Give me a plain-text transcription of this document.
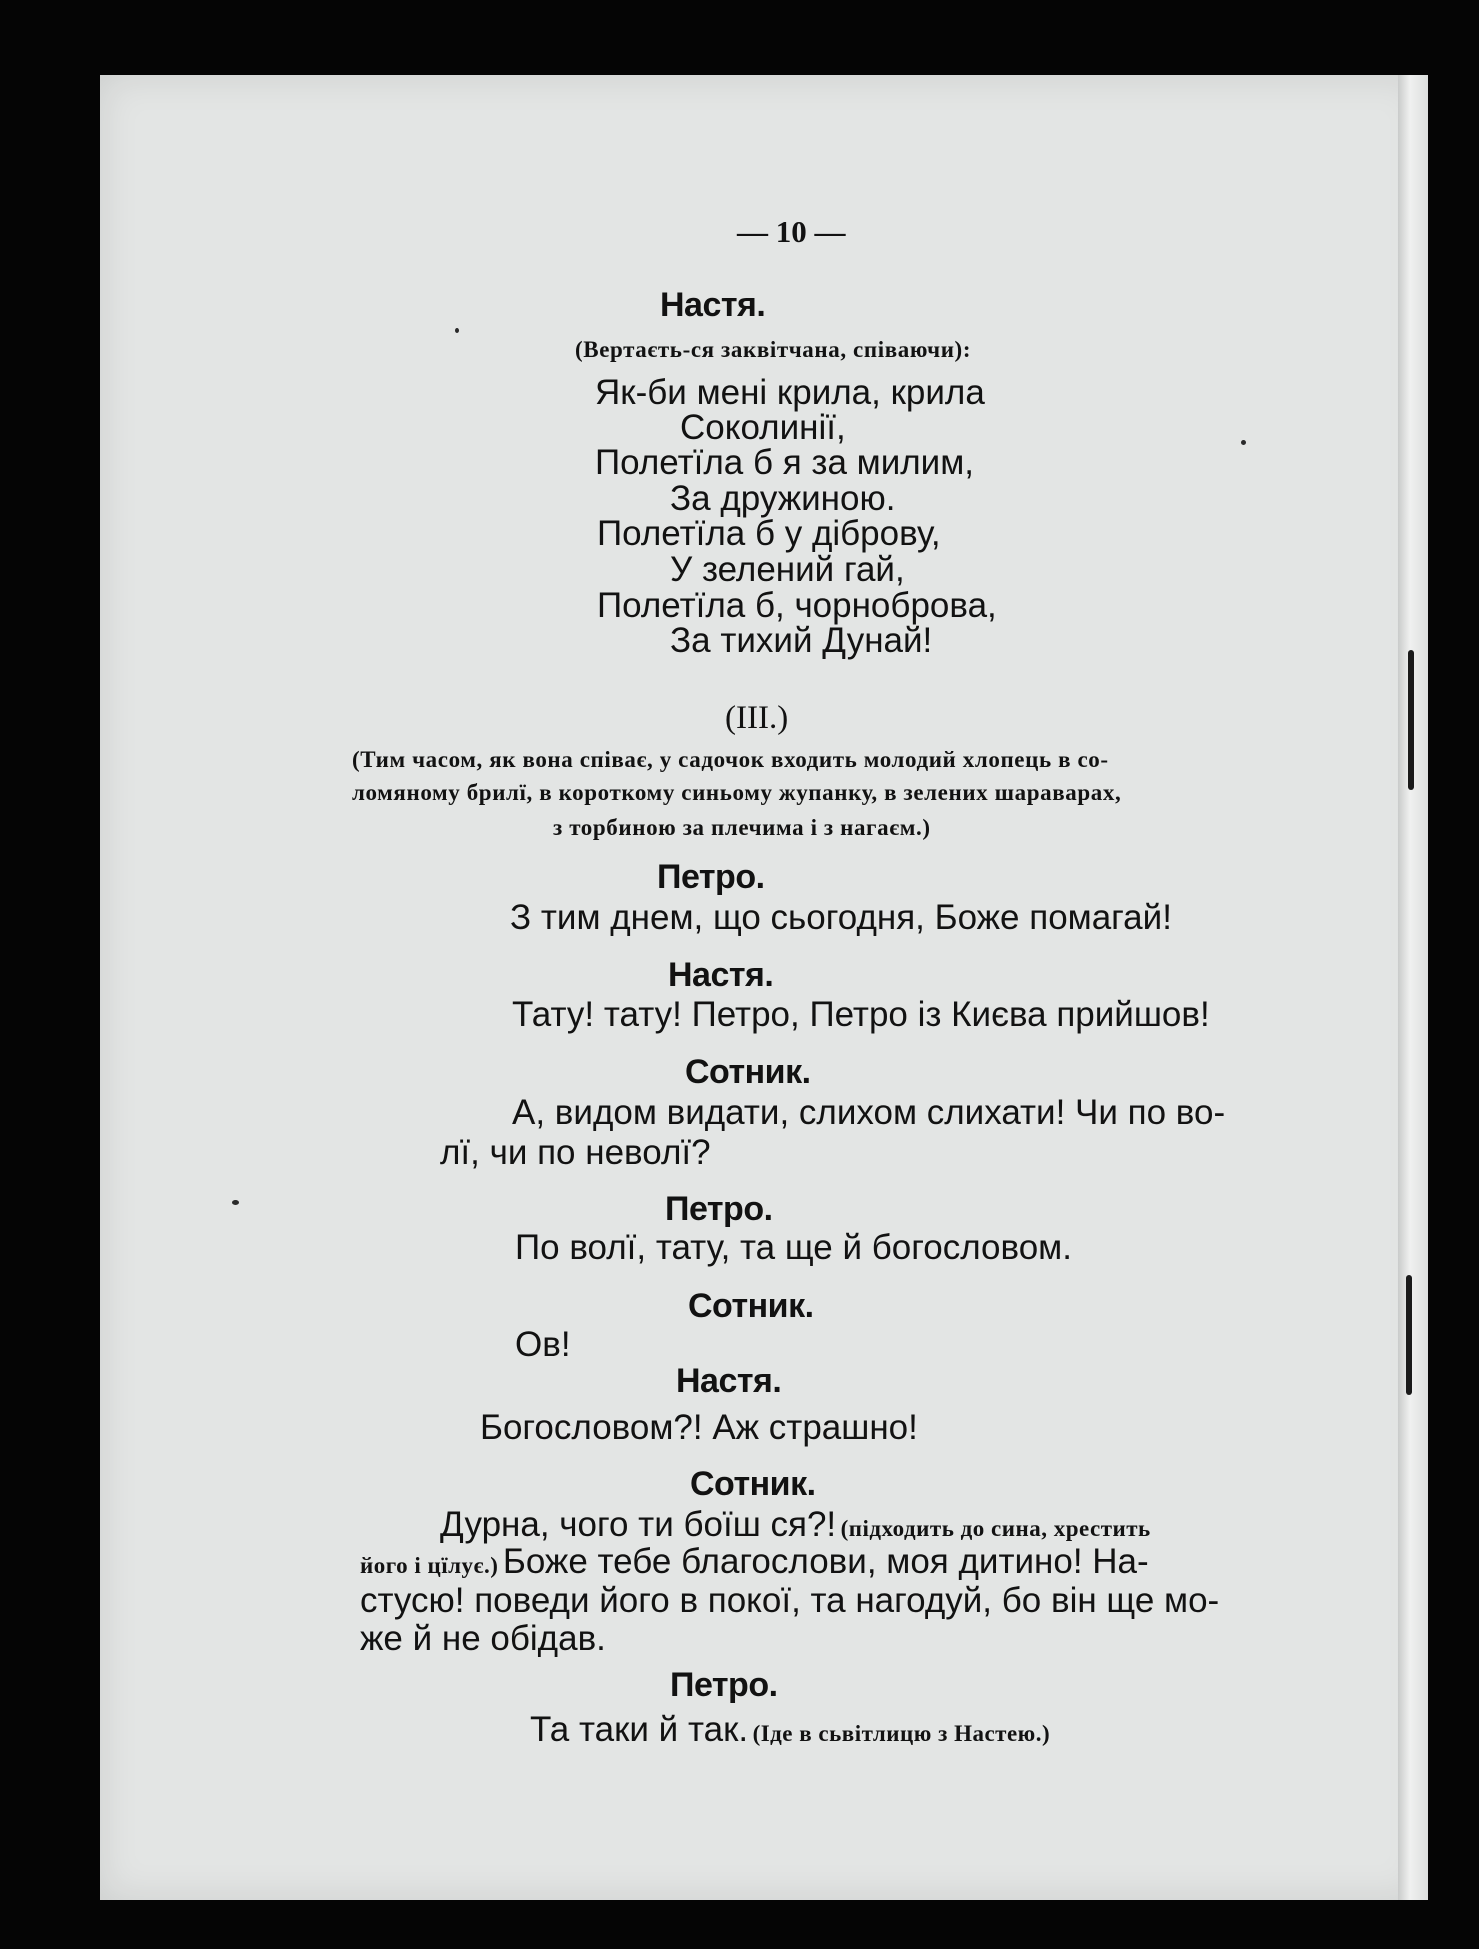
— 10 —
Настя.
(Вертаєть-ся заквітчана, співаючи):
Як-би мені крила, крила
Соколинії,
Полетїла б я за милим,
За дружиною.
Полетїла б у діброву,
У зелений гай,
Полетїла б, чорноброва,
За тихий Дунай!
(III.)
(Тим часом, як вона співає, у садочок входить молодий хлопець в со-
ломяному брилї, в короткому синьому жупанку, в зелених шараварах,
з торбиною за плечима і з нагаєм.)
Петро.
З тим днем, що сьогодня, Боже помагай!
Настя.
Тату! тату! Петро, Петро із Києва прийшов!
Сотник.
А, видом видати, слихом слихати! Чи по во-
лї, чи по неволї?
Петро.
По волї, тату, та ще й богословом.
Сотник.
Ов!
Настя.
Богословом?! Аж страшно!
Сотник.
Дурна, чого ти боїш ся?! (підходить до сина, хрестить
його і цїлує.) Боже тебе благослови, моя дитино! На-
стусю! поведи його в покої, та нагодуй, бо він ще мо-
же й не обідав.
Петро.
Та таки й так. (Іде в сьвітлицю з Настею.)
